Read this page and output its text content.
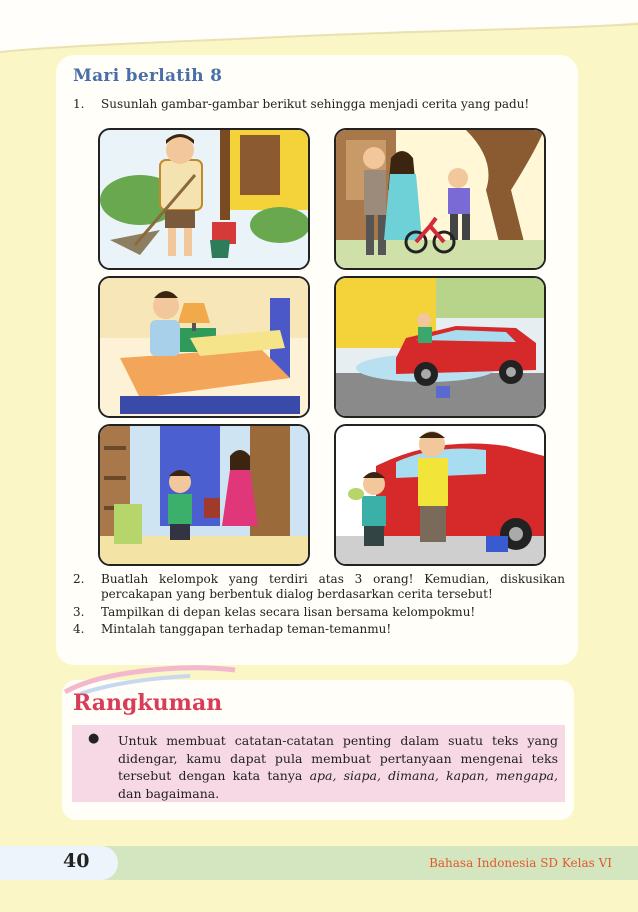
Mari berlatih 8
1. Susunlah gambar-gambar berikut sehingga menjadi cerita yang padu!
2. Buatlah kelompok yang terdiri atas 3 orang! Kemudian, diskusikan percakapan yang berbentuk dialog berdasarkan cerita tersebut!
3. Tampilkan di depan kelas secara lisan bersama kelompokmu!
4. Mintalah tanggapan terhadap teman-temanmu!
Rangkuman
● Untuk membuat catatan-catatan penting dalam suatu teks yang didengar, kamu dapat pula membuat pertanyaan mengenai teks tersebut dengan kata tanya apa, siapa, dimana, kapan, mengapa, dan bagaimana.
40	Bahasa Indonesia SD Kelas VI
